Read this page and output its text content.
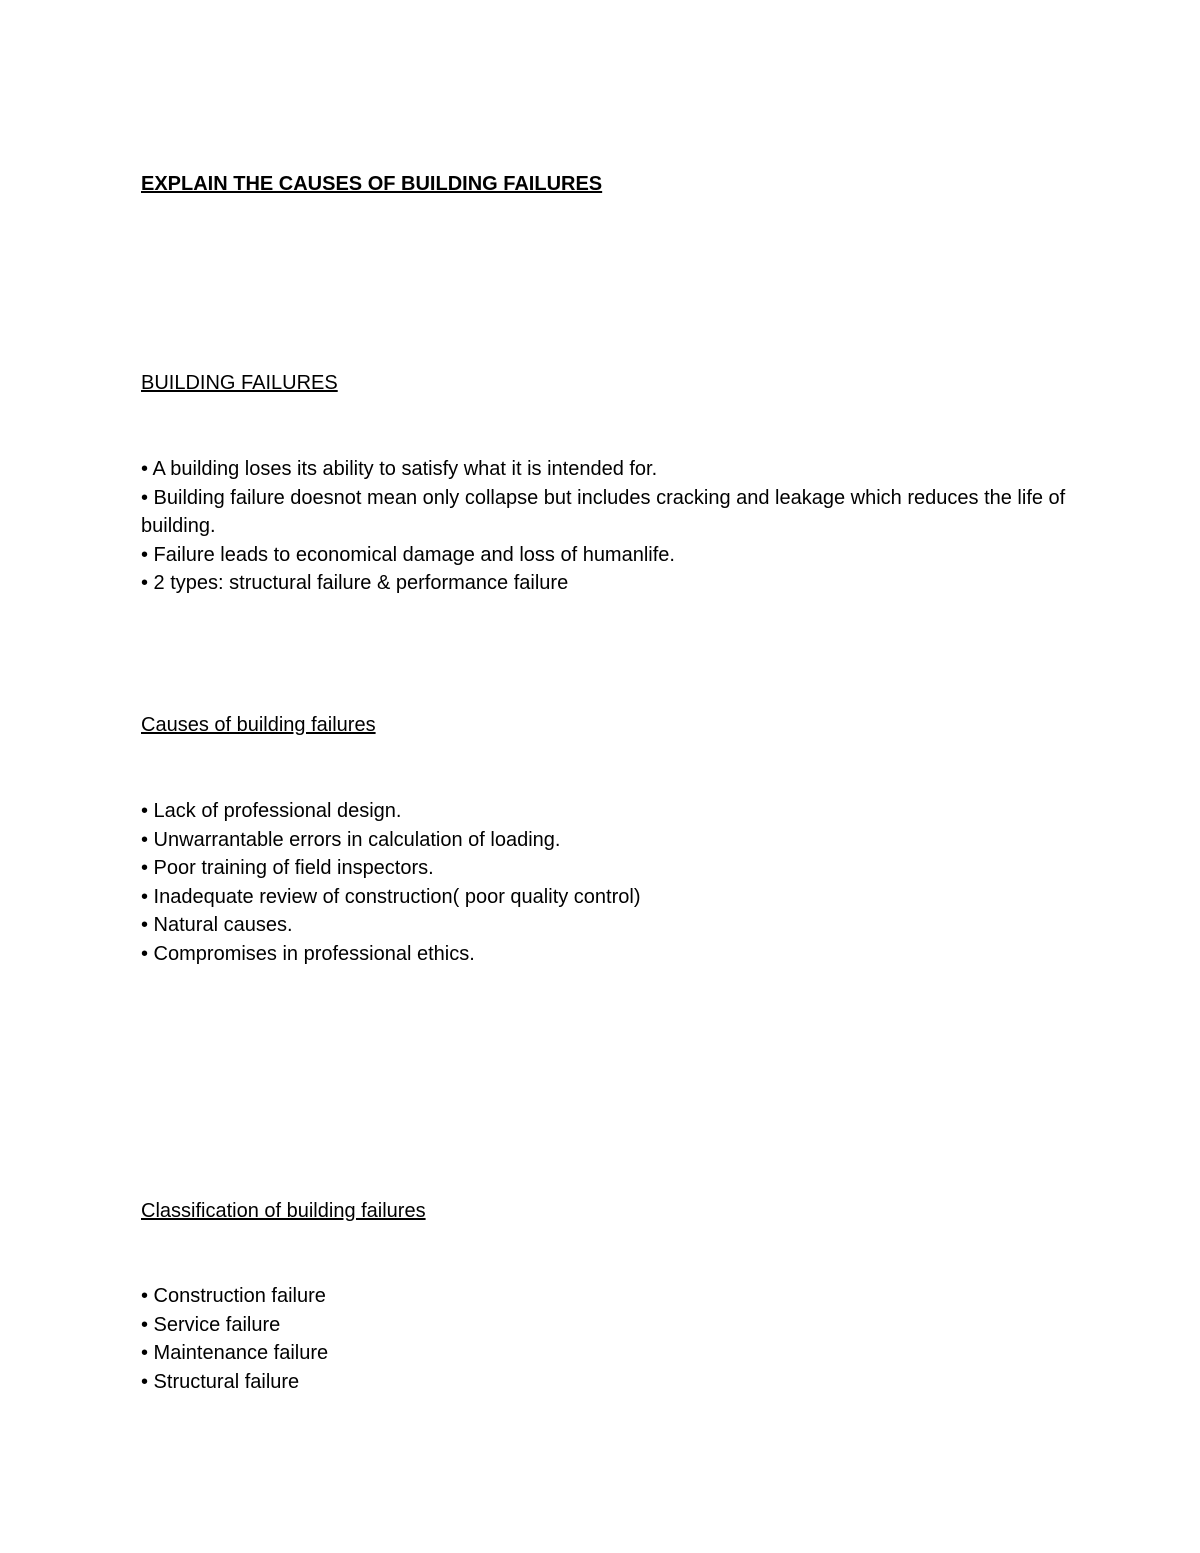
EXPLAIN THE CAUSES OF BUILDING FAILURES
BUILDING FAILURES
• A building loses its ability to satisfy what it is intended for.
• Building failure doesnot mean only collapse but includes cracking and leakage which reduces the life of building.
• Failure leads to economical damage and loss of humanlife.
• 2 types: structural failure & performance failure
Causes of building failures
• Lack of professional design.
• Unwarrantable errors in calculation of loading.
• Poor training of field inspectors.
• Inadequate review of construction( poor quality control)
• Natural causes.
• Compromises in professional ethics.
Classification of building failures
• Construction failure
• Service failure
• Maintenance failure
• Structural failure
